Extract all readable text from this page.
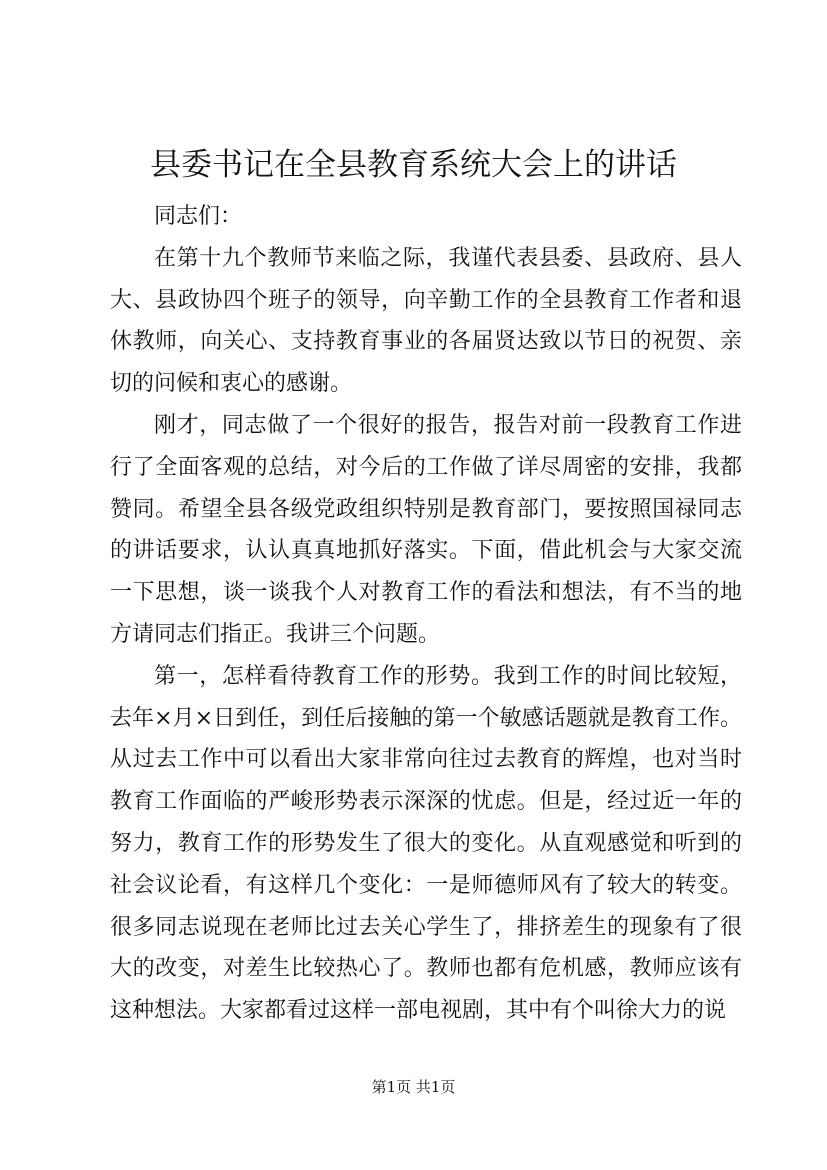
县委书记在全县教育系统大会上的讲话

同志们：

在第十九个教师节来临之际，我谨代表县委、县政府、县人大、县政协四个班子的领导，向辛勤工作的全县教育工作者和退休教师，向关心、支持教育事业的各届贤达致以节日的祝贺、亲切的问候和衷心的感谢。

刚才，同志做了一个很好的报告，报告对前一段教育工作进行了全面客观的总结，对今后的工作做了详尽周密的安排，我都赞同。希望全县各级党政组织特别是教育部门，要按照国禄同志的讲话要求，认认真真地抓好落实。下面，借此机会与大家交流一下思想，谈一谈我个人对教育工作的看法和想法，有不当的地方请同志们指正。我讲三个问题。

第一，怎样看待教育工作的形势。我到工作的时间比较短，去年×月×日到任，到任后接触的第一个敏感话题就是教育工作。从过去工作中可以看出大家非常向往过去教育的辉煌，也对当时教育工作面临的严峻形势表示深深的忧虑。但是，经过近一年的努力，教育工作的形势发生了很大的变化。从直观感觉和听到的社会议论看，有这样几个变化：一是师德师风有了较大的转变。很多同志说现在老师比过去关心学生了，排挤差生的现象有了很大的改变，对差生比较热心了。教师也都有危机感，教师应该有这种想法。大家都看过这样一部电视剧，其中有个叫徐大力的说

第1页 共1页
